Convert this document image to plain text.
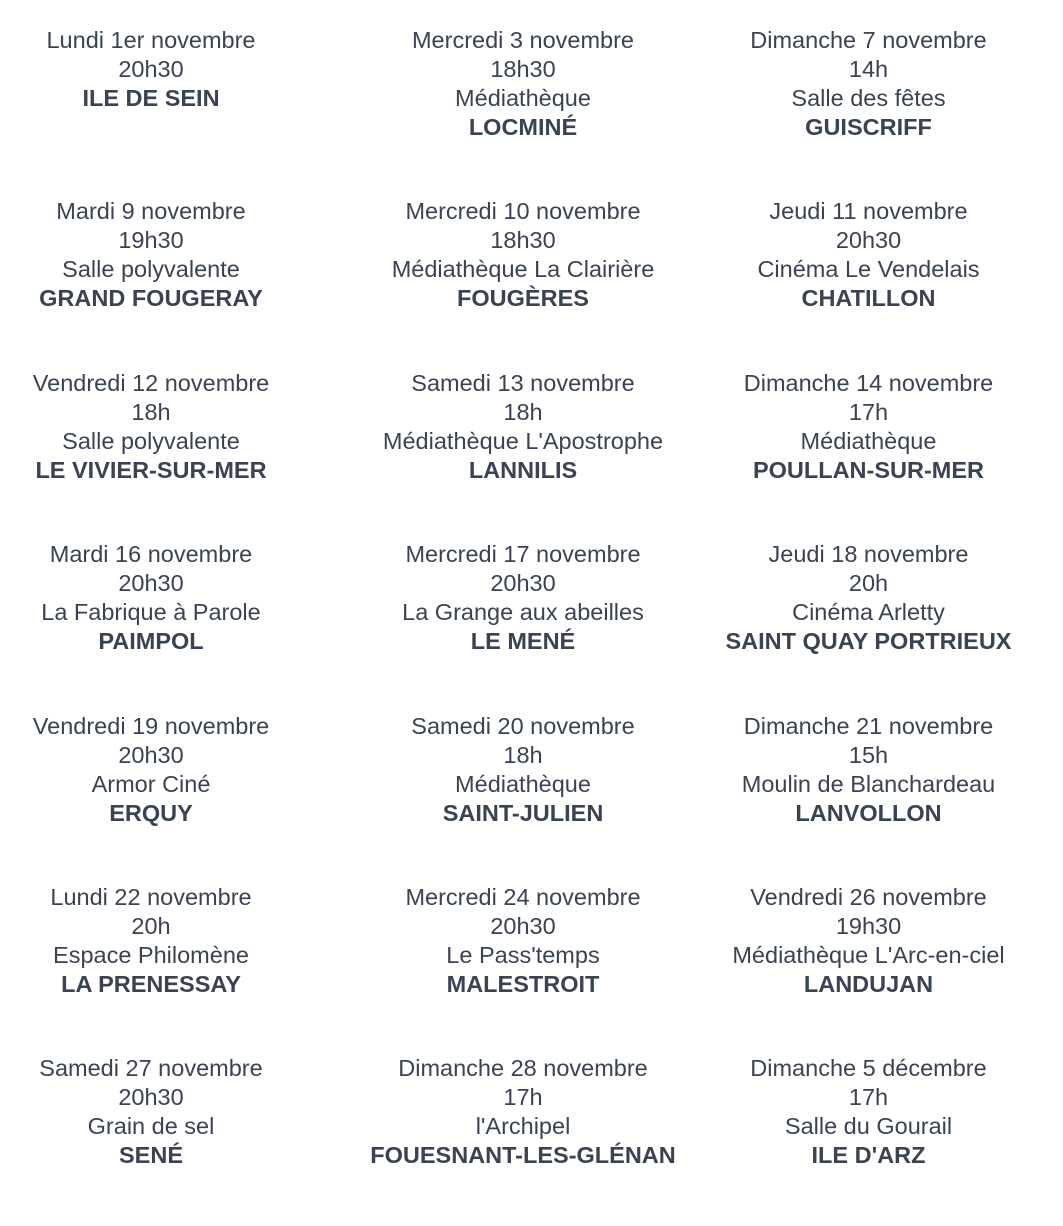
Lundi 1er novembre
20h30
ILE DE SEIN
Mercredi 3 novembre
18h30
Médiathèque
LOCMINÉ
Dimanche 7 novembre
14h
Salle des fêtes
GUISCRIFF
Mardi 9 novembre
19h30
Salle polyvalente
GRAND FOUGERAY
Mercredi 10 novembre
18h30
Médiathèque La Clairière
FOUGÈRES
Jeudi 11 novembre
20h30
Cinéma Le Vendelais
CHATILLON
Vendredi 12 novembre
18h
Salle polyvalente
LE VIVIER-SUR-MER
Samedi 13 novembre
18h
Médiathèque L'Apostrophe
LANNILIS
Dimanche 14 novembre
17h
Médiathèque
POULLAN-SUR-MER
Mardi 16 novembre
20h30
La Fabrique à Parole
PAIMPOL
Mercredi 17 novembre
20h30
La Grange aux abeilles
LE MENÉ
Jeudi 18 novembre
20h
Cinéma Arletty
SAINT QUAY PORTRIEUX
Vendredi 19 novembre
20h30
Armor Ciné
ERQUY
Samedi 20 novembre
18h
Médiathèque
SAINT-JULIEN
Dimanche 21 novembre
15h
Moulin de Blanchardeau
LANVOLLON
Lundi 22 novembre
20h
Espace Philomène
LA PRENESSAY
Mercredi 24 novembre
20h30
Le Pass'temps
MALESTROIT
Vendredi 26 novembre
19h30
Médiathèque L'Arc-en-ciel
LANDUJAN
Samedi 27 novembre
20h30
Grain de sel
SENÉ
Dimanche 28 novembre
17h
l'Archipel
FOUESNANT-LES-GLÉNAN
Dimanche 5 décembre
17h
Salle du Gourail
ILE D'ARZ
